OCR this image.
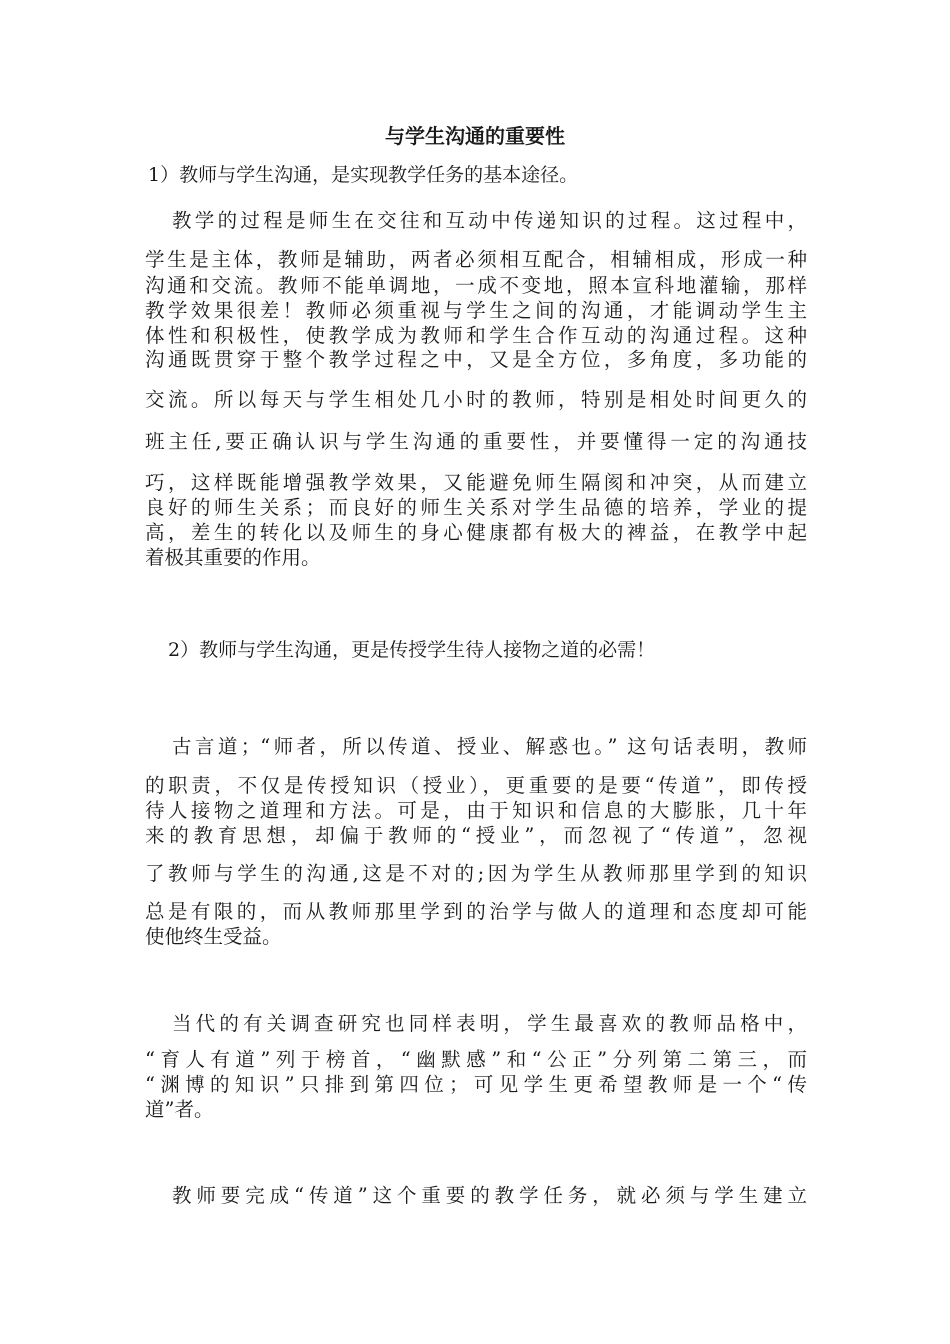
与学生沟通的重要性
1）教师与学生沟通，是实现教学任务的基本途径。
教学的过程是师生在交往和互动中传递知识的过程。这过程中，
学生是主体，教师是辅助，两者必须相互配合，相辅相成，形成一种
沟通和交流。教师不能单调地，一成不变地，照本宣科地灌输，那样
教学效果很差！教师必须重视与学生之间的沟通，才能调动学生主
体性和积极性，使教学成为教师和学生合作互动的沟通过程。这种
沟通既贯穿于整个教学过程之中，又是全方位，多角度，多功能的
交流。所以每天与学生相处几小时的教师，特别是相处时间更久的
班主任,要正确认识与学生沟通的重要性，并要懂得一定的沟通技
巧，这样既能增强教学效果，又能避免师生隔阂和冲突，从而建立
良好的师生关系；而良好的师生关系对学生品德的培养，学业的提
高，差生的转化以及师生的身心健康都有极大的裨益，在教学中起
着极其重要的作用。
2）教师与学生沟通，更是传授学生待人接物之道的必需！
古言道；“师者，所以传道、授业、解惑也。” 这句话表明，教师
的职责，不仅是传授知识（授业），更重要的是要“传道”，即传授
待人接物之道理和方法。可是，由于知识和信息的大膨胀，几十年
来的教育思想，却偏于教师的“授业”，而忽视了“传道”，忽视
了教师与学生的沟通,这是不对的;因为学生从教师那里学到的知识
总是有限的，而从教师那里学到的治学与做人的道理和态度却可能
使他终生受益。
当代的有关调查研究也同样表明，学生最喜欢的教师品格中，
“育人有道”列于榜首，“幽默感”和“公正”分列第二第三，而
“渊博的知识”只排到第四位；可见学生更希望教师是一个“传
道”者。
教师要完成“传道”这个重要的教学任务，就必须与学生建立
